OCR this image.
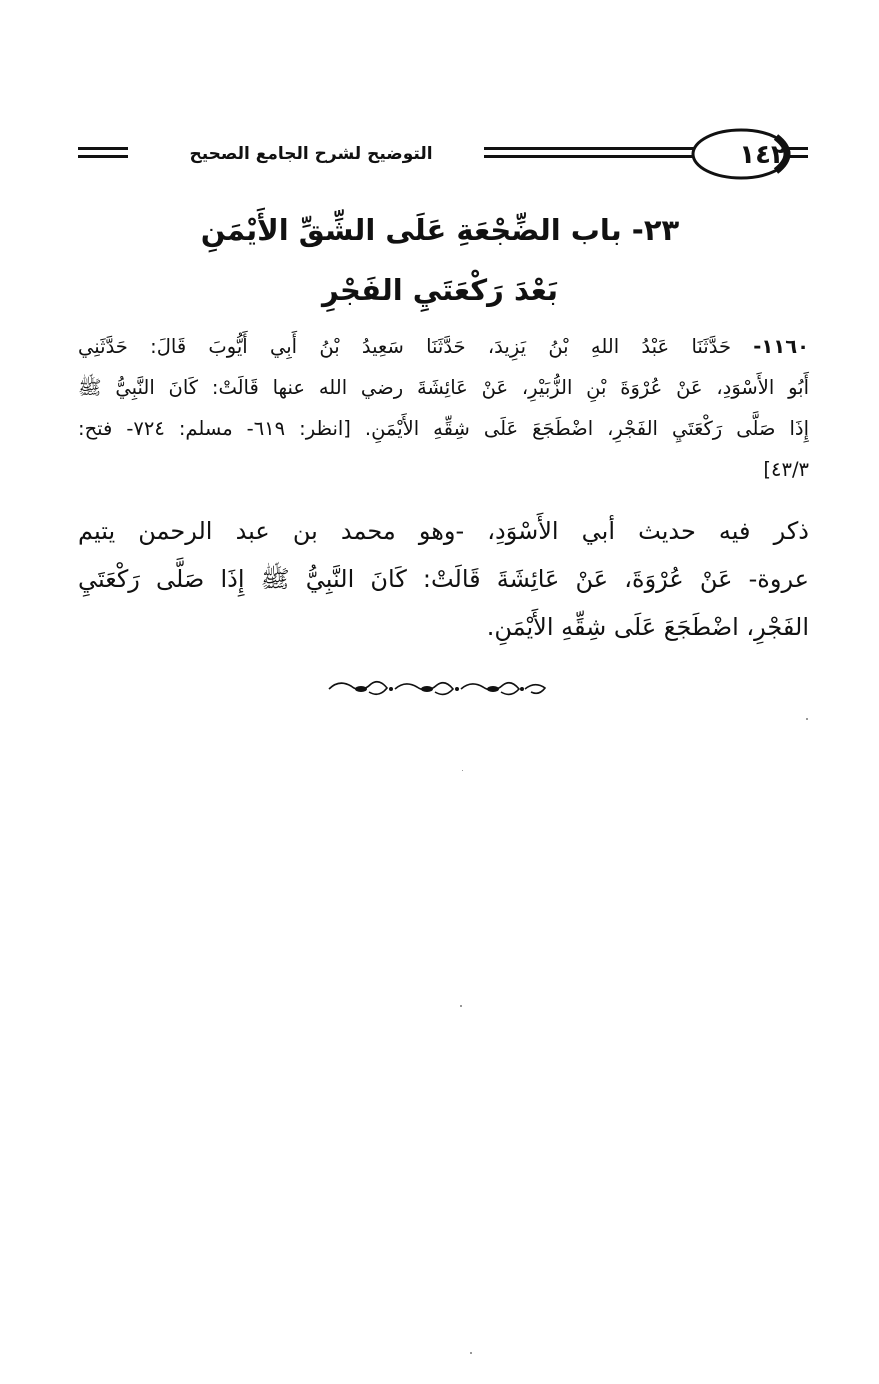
١٤٢
التوضيح لشرح الجامع الصحيح
٢٣- باب الضِّجْعَةِ عَلَى الشِّقِّ الأَيْمَنِ
بَعْدَ رَكْعَتَيِ الفَجْرِ
١١٦٠- حَدَّثَنَا عَبْدُ اللهِ بْنُ يَزِيدَ، حَدَّثَنَا سَعِيدُ بْنُ أَبِي أَيُّوبَ قَالَ: حَدَّثَنِي
أَبُو الأَسْوَدِ، عَنْ عُرْوَةَ بْنِ الزُّبَيْرِ، عَنْ عَائِشَةَ رضي الله عنها قَالَتْ: كَانَ النَّبِيُّ ﷺ
إِذَا صَلَّى رَكْعَتَيِ الفَجْرِ، اضْطَجَعَ عَلَى شِقِّهِ الأَيْمَنِ. [انظر: ٦١٩- مسلم: ٧٢٤- فتح:
٤٣/٣]
ذكر فيه حديث أبي الأَسْوَدِ، -وهو محمد بن عبد الرحمن يتيم
عروة- عَنْ عُرْوَةَ، عَنْ عَائِشَةَ قَالَتْ: كَانَ النَّبِيُّ ﷺ إِذَا صَلَّى رَكْعَتَيِ
الفَجْرِ، اضْطَجَعَ عَلَى شِقِّهِ الأَيْمَنِ.
